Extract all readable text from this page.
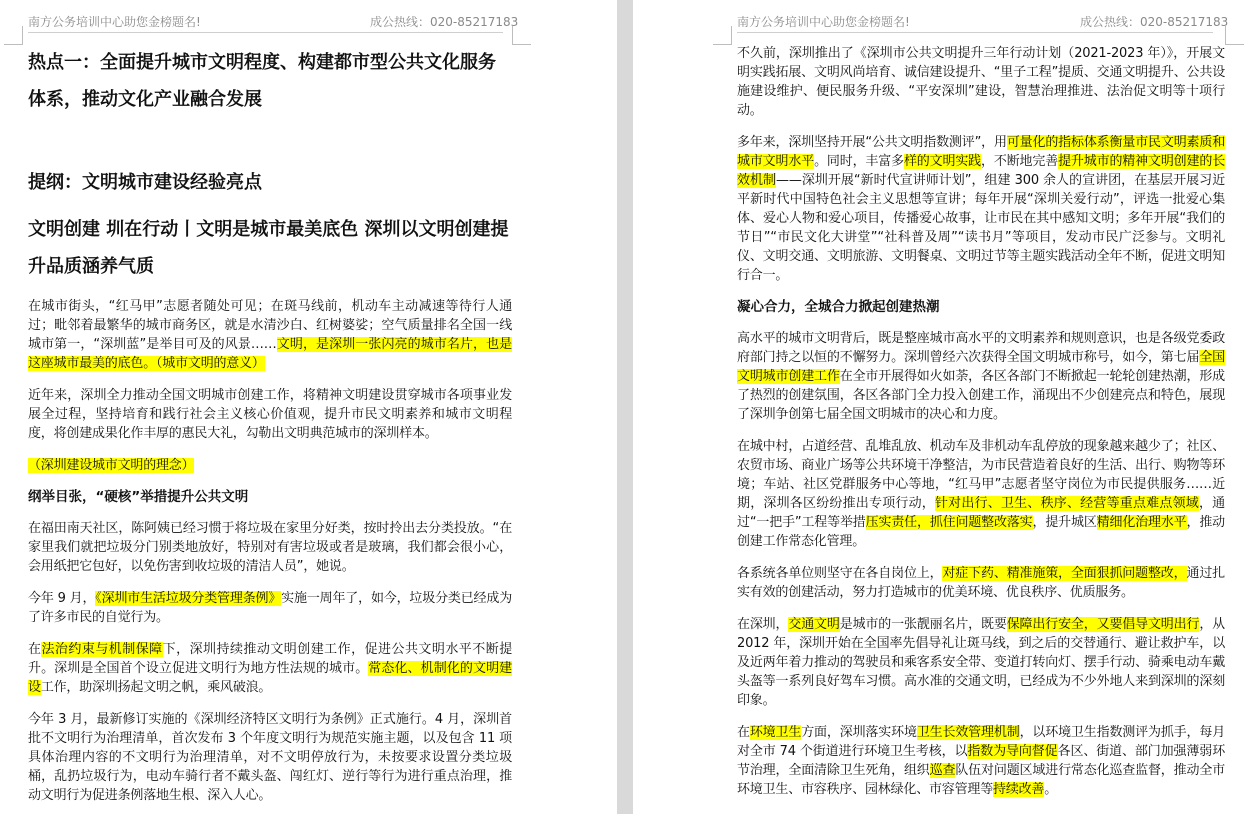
南方公务培训中心助您金榜题名!	成公热线：020-85217183
热点一：全面提升城市文明程度、构建都市型公共文化服务体系，推动文化产业融合发展
提纲：文明城市建设经验亮点
文明创建 圳在行动丨文明是城市最美底色 深圳以文明创建提升品质涵养气质

在城市街头，“红马甲”志愿者随处可见；在斑马线前，机动车主动减速等待行人通过；毗邻着最繁华的城市商务区，就是水清沙白、红树婆娑；空气质量排名全国一线城市第一，“深圳蓝”是举目可及的风景……文明，是深圳一张闪亮的城市名片，也是这座城市最美的底色。（城市文明的意义）

近年来，深圳全力推动全国文明城市创建工作，将精神文明建设贯穿城市各项事业发展全过程，坚持培育和践行社会主义核心价值观，提升市民文明素养和城市文明程度，将创建成果化作丰厚的惠民大礼，勾勒出文明典范城市的深圳样本。

（深圳建设城市文明的理念）

纲举目张，“硬核”举措提升公共文明

在福田南天社区，陈阿姨已经习惯于将垃圾在家里分好类，按时拎出去分类投放。“在家里我们就把垃圾分门别类地放好，特别对有害垃圾或者是玻璃，我们都会很小心，会用纸把它包好，以免伤害到收垃圾的清洁人员”，她说。

今年 9 月，《深圳市生活垃圾分类管理条例》实施一周年了，如今，垃圾分类已经成为了许多市民的自觉行为。

在法治约束与机制保障下，深圳持续推动文明创建工作，促进公共文明水平不断提升。深圳是全国首个设立促进文明行为地方性法规的城市。常态化、机制化的文明建设工作，助深圳扬起文明之帆，乘风破浪。

今年 3 月，最新修订实施的《深圳经济特区文明行为条例》正式施行。4 月，深圳首批不文明行为治理清单，首次发布 3 个年度文明行为规范实施主题，以及包含 11 项具体治理内容的不文明行为治理清单，对不文明停放行为，未按要求设置分类垃圾桶，乱扔垃圾行为，电动车骑行者不戴头盔、闯红灯、逆行等行为进行重点治理，推动文明行为促进条例落地生根、深入人心。

南方公务培训中心助您金榜题名!	成公热线：020-85217183

不久前，深圳推出了《深圳市公共文明提升三年行动计划（2021-2023 年）》，开展文明实践拓展、文明风尚培育、诚信建设提升、“里子工程”提质、交通文明提升、公共设施建设维护、便民服务升级、“平安深圳”建设，智慧治理推进、法治促文明等十项行动。

多年来，深圳坚持开展“公共文明指数测评”，用可量化的指标体系衡量市民文明素质和城市文明水平。同时，丰富多样的文明实践，不断地完善提升城市的精神文明创建的长效机制——深圳开展“新时代宣讲师计划”，组建 300 余人的宣讲团，在基层开展习近平新时代中国特色社会主义思想等宣讲；每年开展“深圳关爱行动”，评选一批爱心集体、爱心人物和爱心项目，传播爱心故事，让市民在其中感知文明；多年开展“我们的节日”“市民文化大讲堂”“社科普及周”“读书月”等项目，发动市民广泛参与。文明礼仪、文明交通、文明旅游、文明餐桌、文明过节等主题实践活动全年不断，促进文明知行合一。

凝心合力，全城合力掀起创建热潮

高水平的城市文明背后，既是整座城市高水平的文明素养和规则意识，也是各级党委政府部门持之以恒的不懈努力。深圳曾经六次获得全国文明城市称号，如今，第七届全国文明城市创建工作在全市开展得如火如荼，各区各部门不断掀起一轮轮创建热潮，形成了热烈的创建氛围，各区各部门全力投入创建工作，涌现出不少创建亮点和特色，展现了深圳争创第七届全国文明城市的决心和力度。

在城中村，占道经营、乱堆乱放、机动车及非机动车乱停放的现象越来越少了；社区、农贸市场、商业广场等公共环境干净整洁，为市民营造着良好的生活、出行、购物等环境；车站、社区党群服务中心等地，“红马甲”志愿者坚守岗位为市民提供服务……近期，深圳各区纷纷推出专项行动，针对出行、卫生、秩序、经营等重点难点领域，通过“一把手”工程等举措压实责任，抓住问题整改落实，提升城区精细化治理水平，推动创建工作常态化管理。

各系统各单位则坚守在各自岗位上，对症下药、精准施策，全面狠抓问题整改，通过扎实有效的创建活动，努力打造城市的优美环境、优良秩序、优质服务。

在深圳，交通文明是城市的一张靓丽名片，既要保障出行安全，又要倡导文明出行，从 2012 年，深圳开始在全国率先倡导礼让斑马线，到之后的交替通行、避让救护车，以及近两年着力推动的驾驶员和乘客系安全带、变道打转向灯、摆手行动、骑乘电动车戴头盔等一系列良好驾车习惯。高水准的交通文明，已经成为不少外地人来到深圳的深刻印象。

在环境卫生方面，深圳落实环境卫生长效管理机制，以环境卫生指数测评为抓手，每月对全市 74 个街道进行环境卫生考核，以指数为导向督促各区、街道、部门加强薄弱环节治理，全面清除卫生死角，组织巡查队伍对问题区域进行常态化巡查监督，推动全市环境卫生、市容秩序、园林绿化、市容管理等持续改善。
